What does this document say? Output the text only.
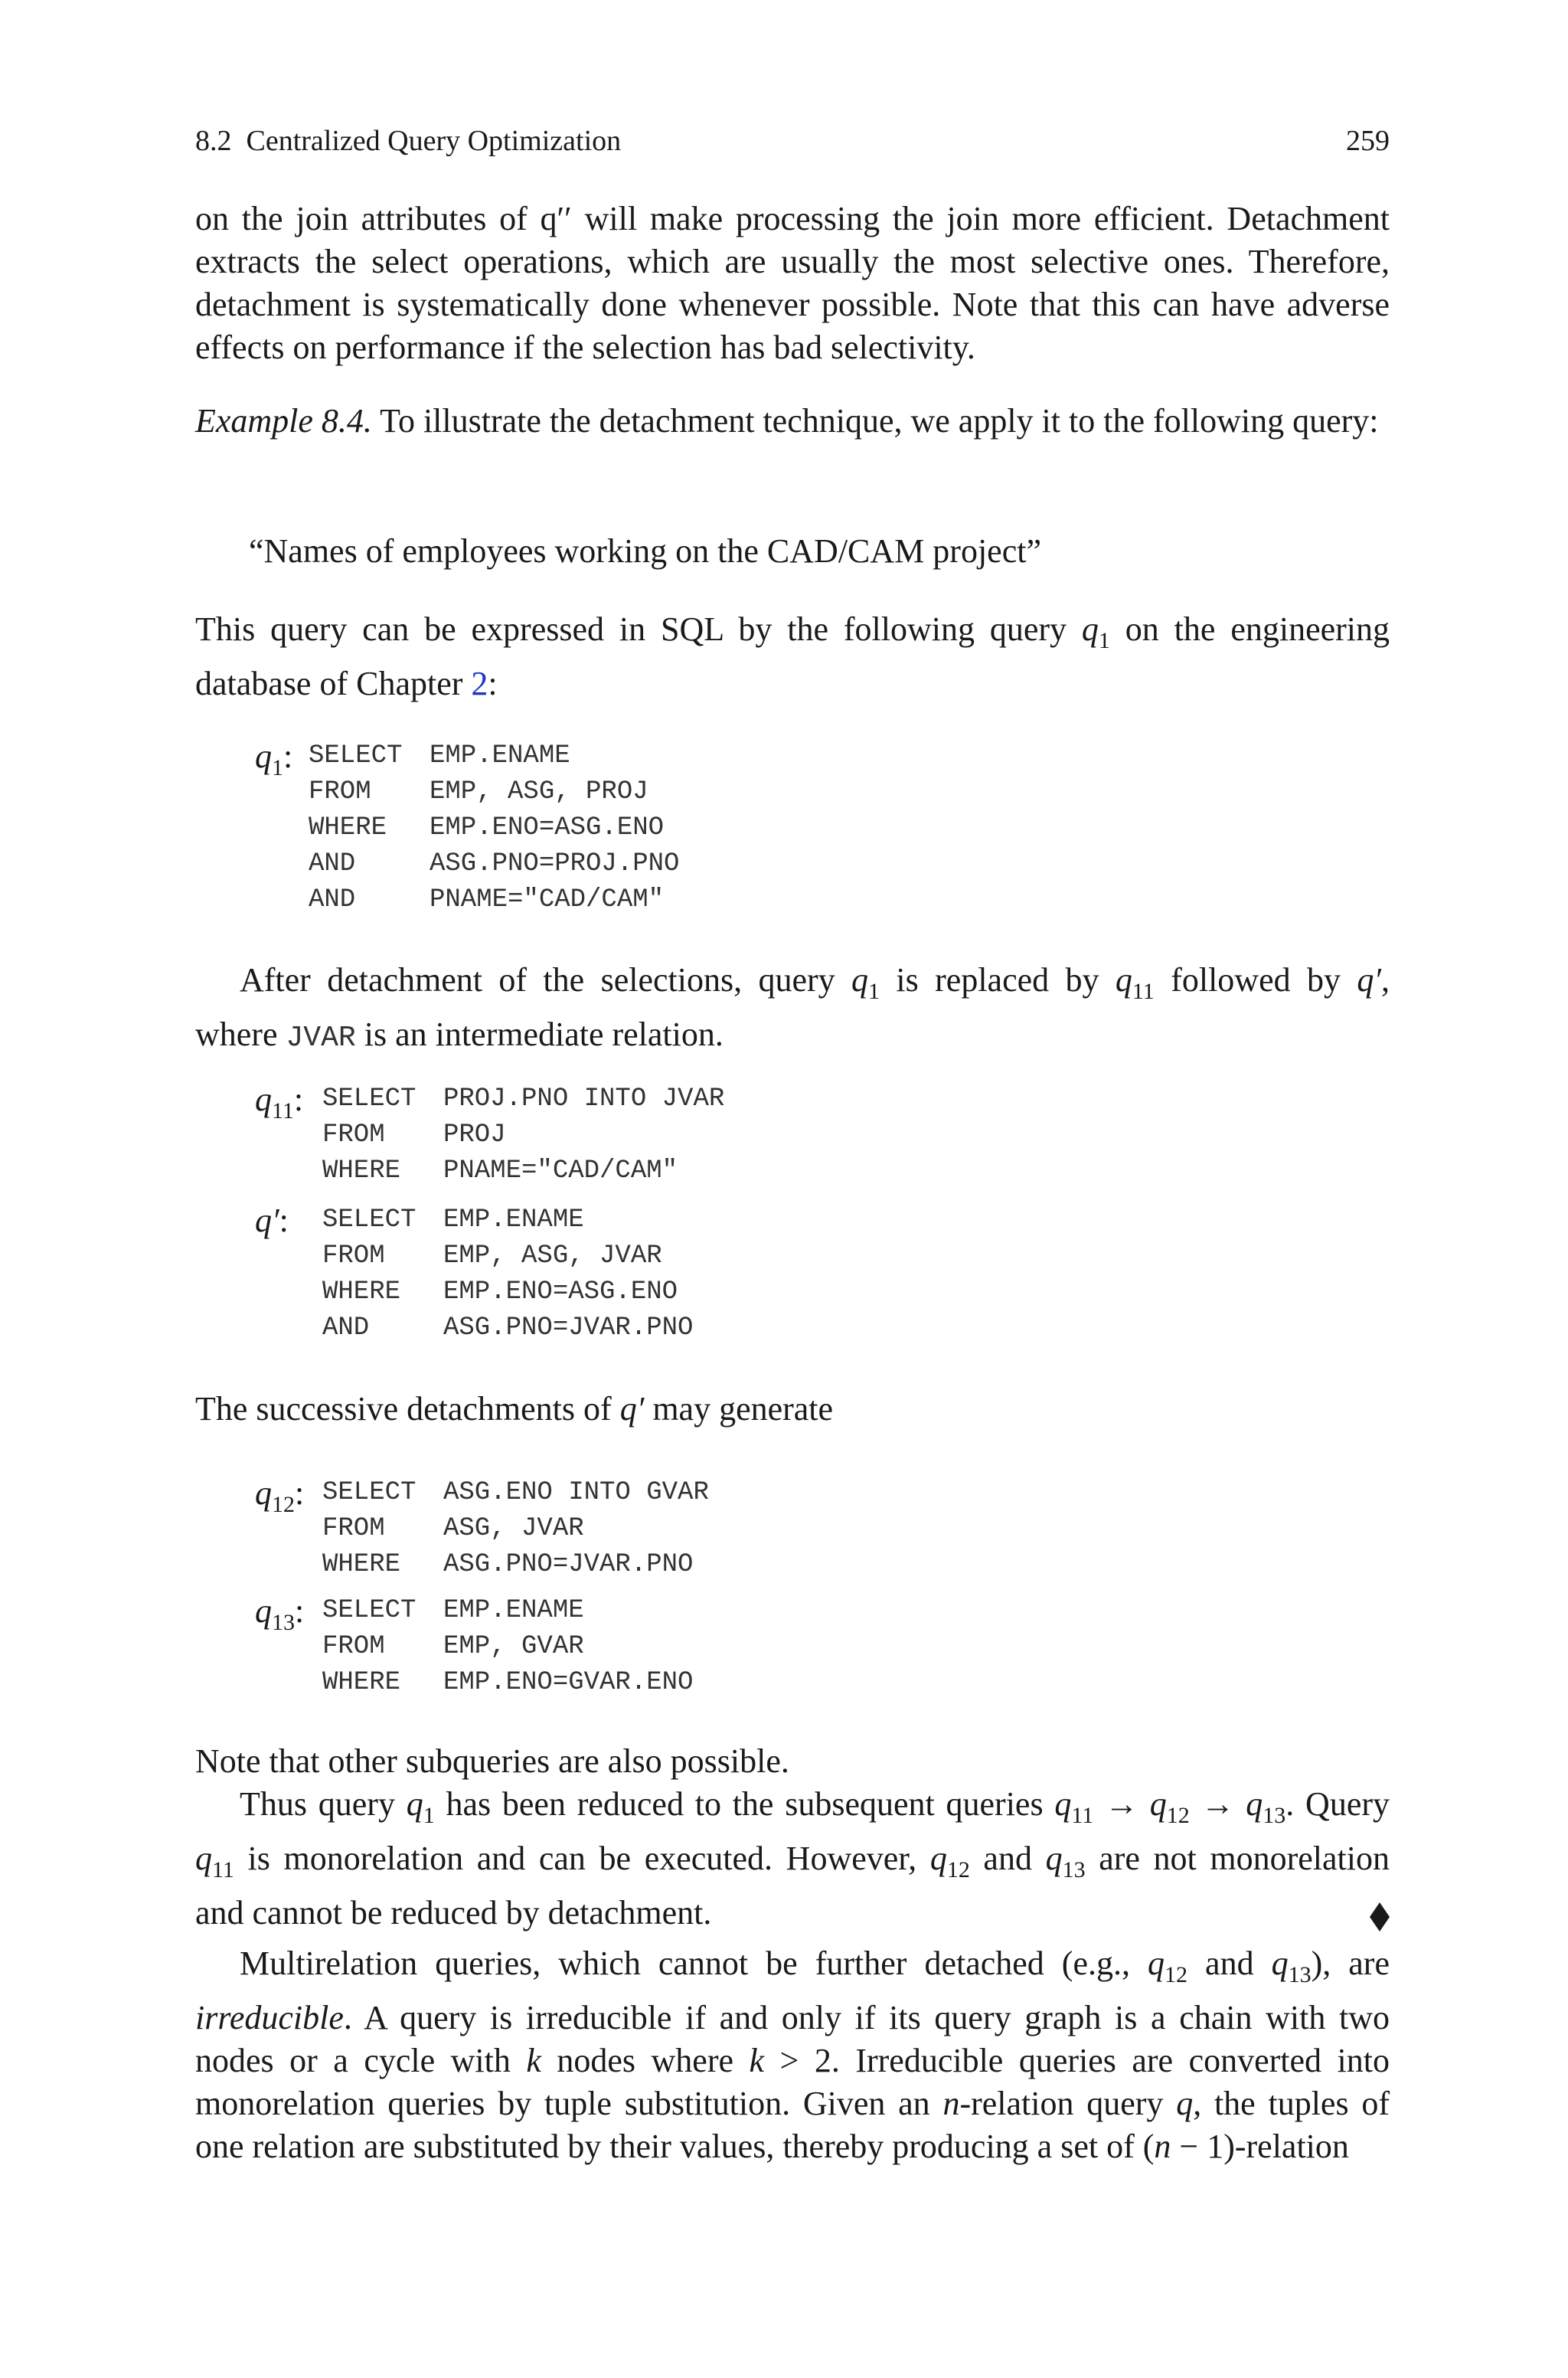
8.2  Centralized Query Optimization	259

on the join attributes of q′′ will make processing the join more efficient. Detachment extracts the select operations, which are usually the most selective ones. Therefore, detachment is systematically done whenever possible. Note that this can have adverse effects on performance if the selection has bad selectivity.

Example 8.4. To illustrate the detachment technique, we apply it to the following query:

“Names of employees working on the CAD/CAM project”

This query can be expressed in SQL by the following query $q_1$ on the engineering database of Chapter 2:

$q_1$: SELECT	EMP.ENAME
FROM	EMP, ASG, PROJ
WHERE	EMP.ENO=ASG.ENO
AND	ASG.PNO=PROJ.PNO
AND	PNAME="CAD/CAM"

After detachment of the selections, query $q_1$ is replaced by $q_{11}$ followed by q′,

where JVAR is an intermediate relation.

$q_{11}$: SELECT	PROJ.PNO INTO JVAR
FROM	PROJ
WHERE	PNAME="CAD/CAM"
q′: SELECT	EMP.ENAME
FROM	EMP, ASG, JVAR
WHERE	EMP.ENO=ASG.ENO
AND	ASG.PNO=JVAR.PNO

The successive detachments of q′ may generate

$q_{12}$: SELECT	ASG.ENO INTO GVAR
FROM	ASG, JVAR
WHERE	ASG.PNO=JVAR.PNO
$q_{13}$: SELECT	EMP.ENAME
FROM	EMP, GVAR
WHERE	EMP.ENO=GVAR.ENO

Note that other subqueries are also possible.

Thus query $q_1$ has been reduced to the subsequent queries $q_{11} \to q_{12} \to q_{13}$. Query

$q_{11}$ is monorelation and can be executed. However, $q_{12}$ and $q_{13}$ are not monorelation

and cannot be reduced by detachment.

Multirelation queries, which cannot be further detached (e.g., $q_{12}$ and $q_{13}$), are irreducible. A query is irreducible if and only if its query graph is a chain with two nodes or a cycle with k nodes where k > 2. Irreducible queries are converted into monorelation queries by tuple substitution. Given an n-relation query q, the tuples of one relation are substituted by their values, thereby producing a set of (n − 1)-relation
